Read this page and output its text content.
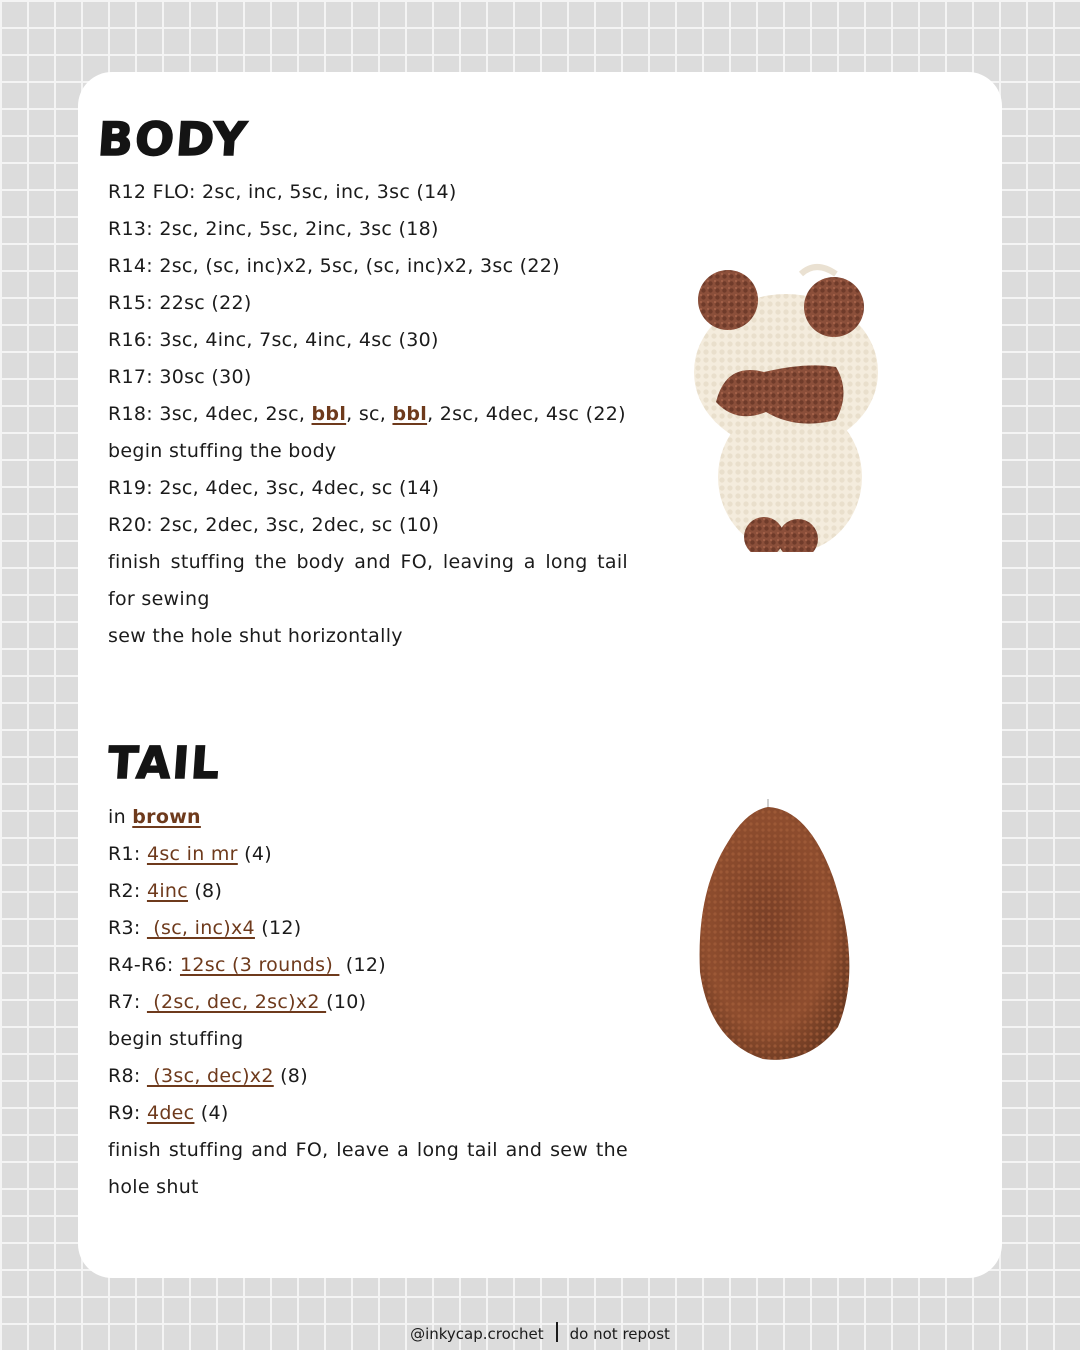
BODY
R12 FLO: 2sc, inc, 5sc, inc, 3sc (14)
R13: 2sc, 2inc, 5sc, 2inc, 3sc (18)
R14: 2sc, (sc, inc)x2, 5sc, (sc, inc)x2, 3sc (22)
R15: 22sc (22)
R16: 3sc, 4inc, 7sc, 4inc, 4sc (30)
R17: 30sc (30)
R18: 3sc, 4dec, 2sc, bbl, sc, bbl, 2sc, 4dec, 4sc (22)
begin stuffing the body
R19: 2sc, 4dec, 3sc, 4dec, sc (14)
R20: 2sc, 2dec, 3sc, 2dec, sc (10)
finish stuffing the body and FO, leaving a long tail for sewing
sew the hole shut horizontally
TAIL
in brown
R1: 4sc in mr (4)
R2: 4inc (8)
R3:  (sc, inc)x4 (12)
R4-R6: 12sc (3 rounds)  (12)
R7:  (2sc, dec, 2sc)x2 (10)
begin stuffing
R8:  (3sc, dec)x2 (8)
R9: 4dec (4)
finish stuffing and FO, leave a long tail and sew the hole shut
@inkycap.crochet do not repost
